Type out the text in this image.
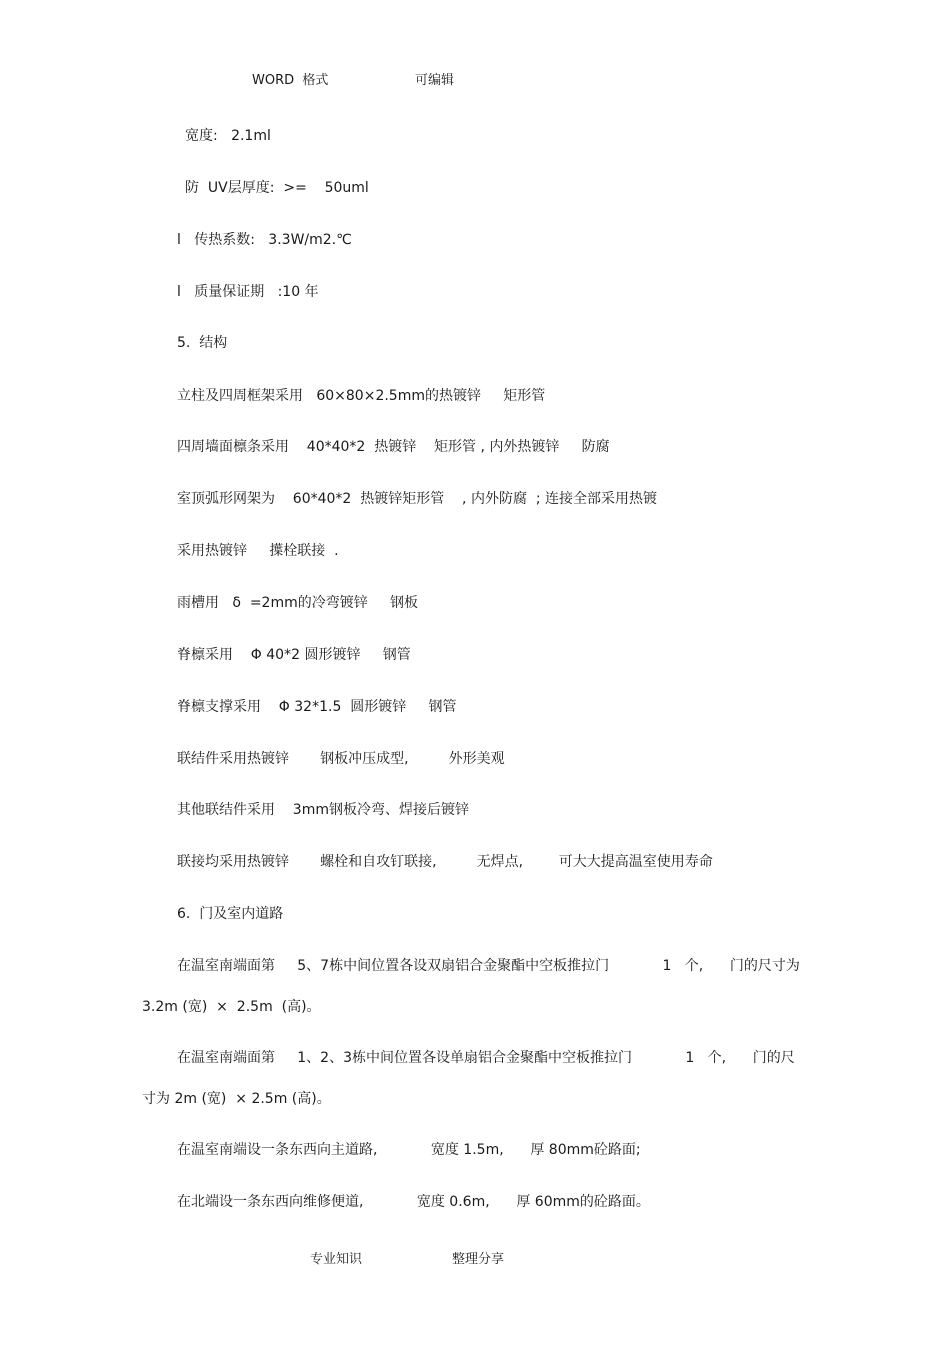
WORD  格式	可编辑
宽度:   2.1ml
防  UV层厚度:  >=    50uml
l   传热系数:   3.3W/m2.℃
l   质量保证期   :10 年
5.  结构
立柱及四周框架采用   60×80×2.5mm的热镀锌     矩形管
四周墙面檩条采用    40*40*2  热镀锌    矩形管 , 内外热镀锌     防腐
室顶弧形网架为    60*40*2  热镀锌矩形管    , 内外防腐  ; 连接全部采用热镀
采用热镀锌     擛栓联接  .
雨槽用   δ  =2mm的冷弯镀锌     钢板
脊檩采用    Φ 40*2 圆形镀锌     钢管
脊檩支撑采用    Φ 32*1.5  圆形镀锌     钢管
联结件采用热镀锌       钢板冲压成型,         外形美观
其他联结件采用    3mm钢板冷弯、焊接后镀锌
联接均采用热镀锌       螺栓和自攻钉联接,         无焊点,        可大大提高温室使用寿命
6.  门及室内道路
在温室南端面第     5、7栋中间位置各设双扇铝合金聚酯中空板推拉门            1   个,      门的尺寸为
3.2m (宽)  ×  2.5m  (高)。
在温室南端面第     1、2、3栋中间位置各设单扇铝合金聚酯中空板推拉门            1   个,      门的尺
寸为 2m (宽)  × 2.5m (高)。
在温室南端设一条东西向主道路,            宽度 1.5m,      厚 80mm砼路面;
在北端设一条东西向维修便道,            宽度 0.6m,      厚 60mm的砼路面。
专业知识	整理分享
